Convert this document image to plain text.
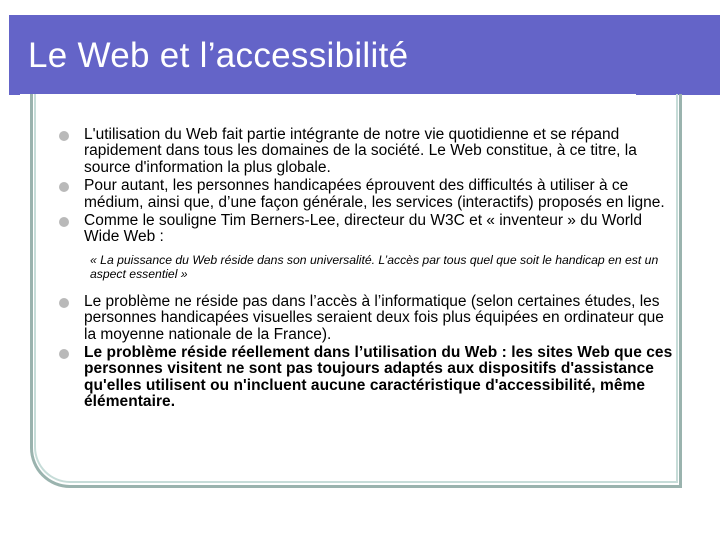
Le Web et l’accessibilité
L'utilisation du Web fait partie intégrante de notre vie quotidienne et se répand rapidement dans tous les domaines de la société. Le Web constitue, à ce titre, la source d'information la plus globale.
Pour autant, les personnes handicapées éprouvent des difficultés à utiliser à ce médium, ainsi que, d’une façon générale, les services (interactifs) proposés en ligne.
Comme le souligne Tim Berners-Lee, directeur du W3C et « inventeur » du World Wide Web :
« La puissance du Web réside dans son universalité. L’accès par tous quel que soit le handicap en est un aspect essentiel »
Le problème ne réside pas dans l’accès à l’informatique (selon certaines études, les personnes handicapées visuelles seraient deux fois plus équipées en ordinateur que la moyenne nationale de la France).
Le problème réside réellement dans l’utilisation du Web : les sites Web que ces personnes visitent ne sont pas toujours adaptés aux dispositifs d'assistance qu'elles utilisent ou n'incluent aucune caractéristique d'accessibilité, même élémentaire.
